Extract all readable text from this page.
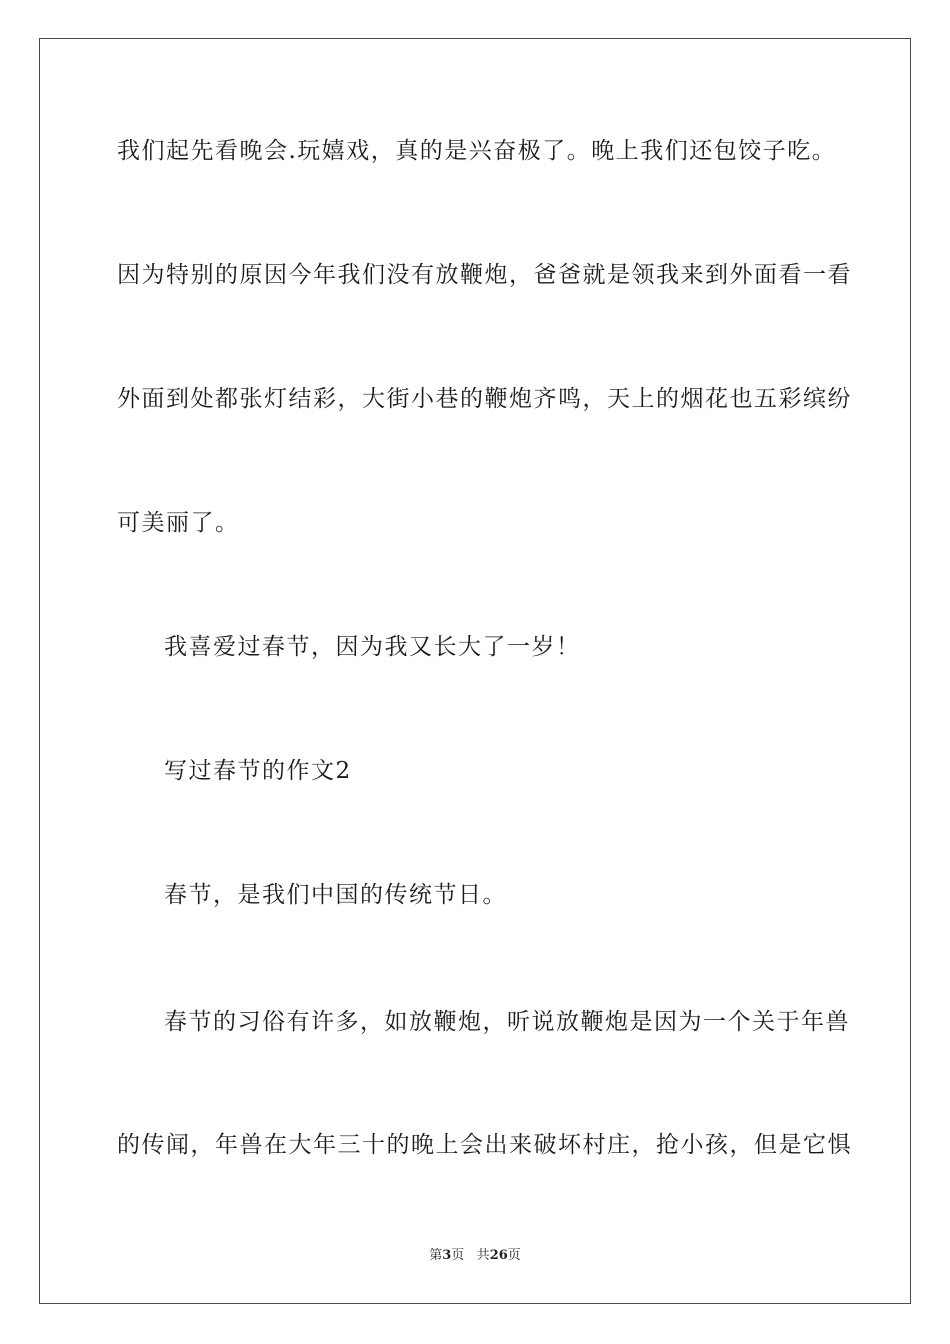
我们起先看晚会.玩嬉戏，真的是兴奋极了。晚上我们还包饺子吃。
因为特别的原因今年我们没有放鞭炮，爸爸就是领我来到外面看一看
外面到处都张灯结彩，大街小巷的鞭炮齐鸣，天上的烟花也五彩缤纷
可美丽了。
我喜爱过春节，因为我又长大了一岁！
写过春节的作文2
春节，是我们中国的传统节日。
春节的习俗有许多，如放鞭炮，听说放鞭炮是因为一个关于年兽
的传闻，年兽在大年三十的晚上会出来破坏村庄，抢小孩，但是它惧
第3页 共26页
